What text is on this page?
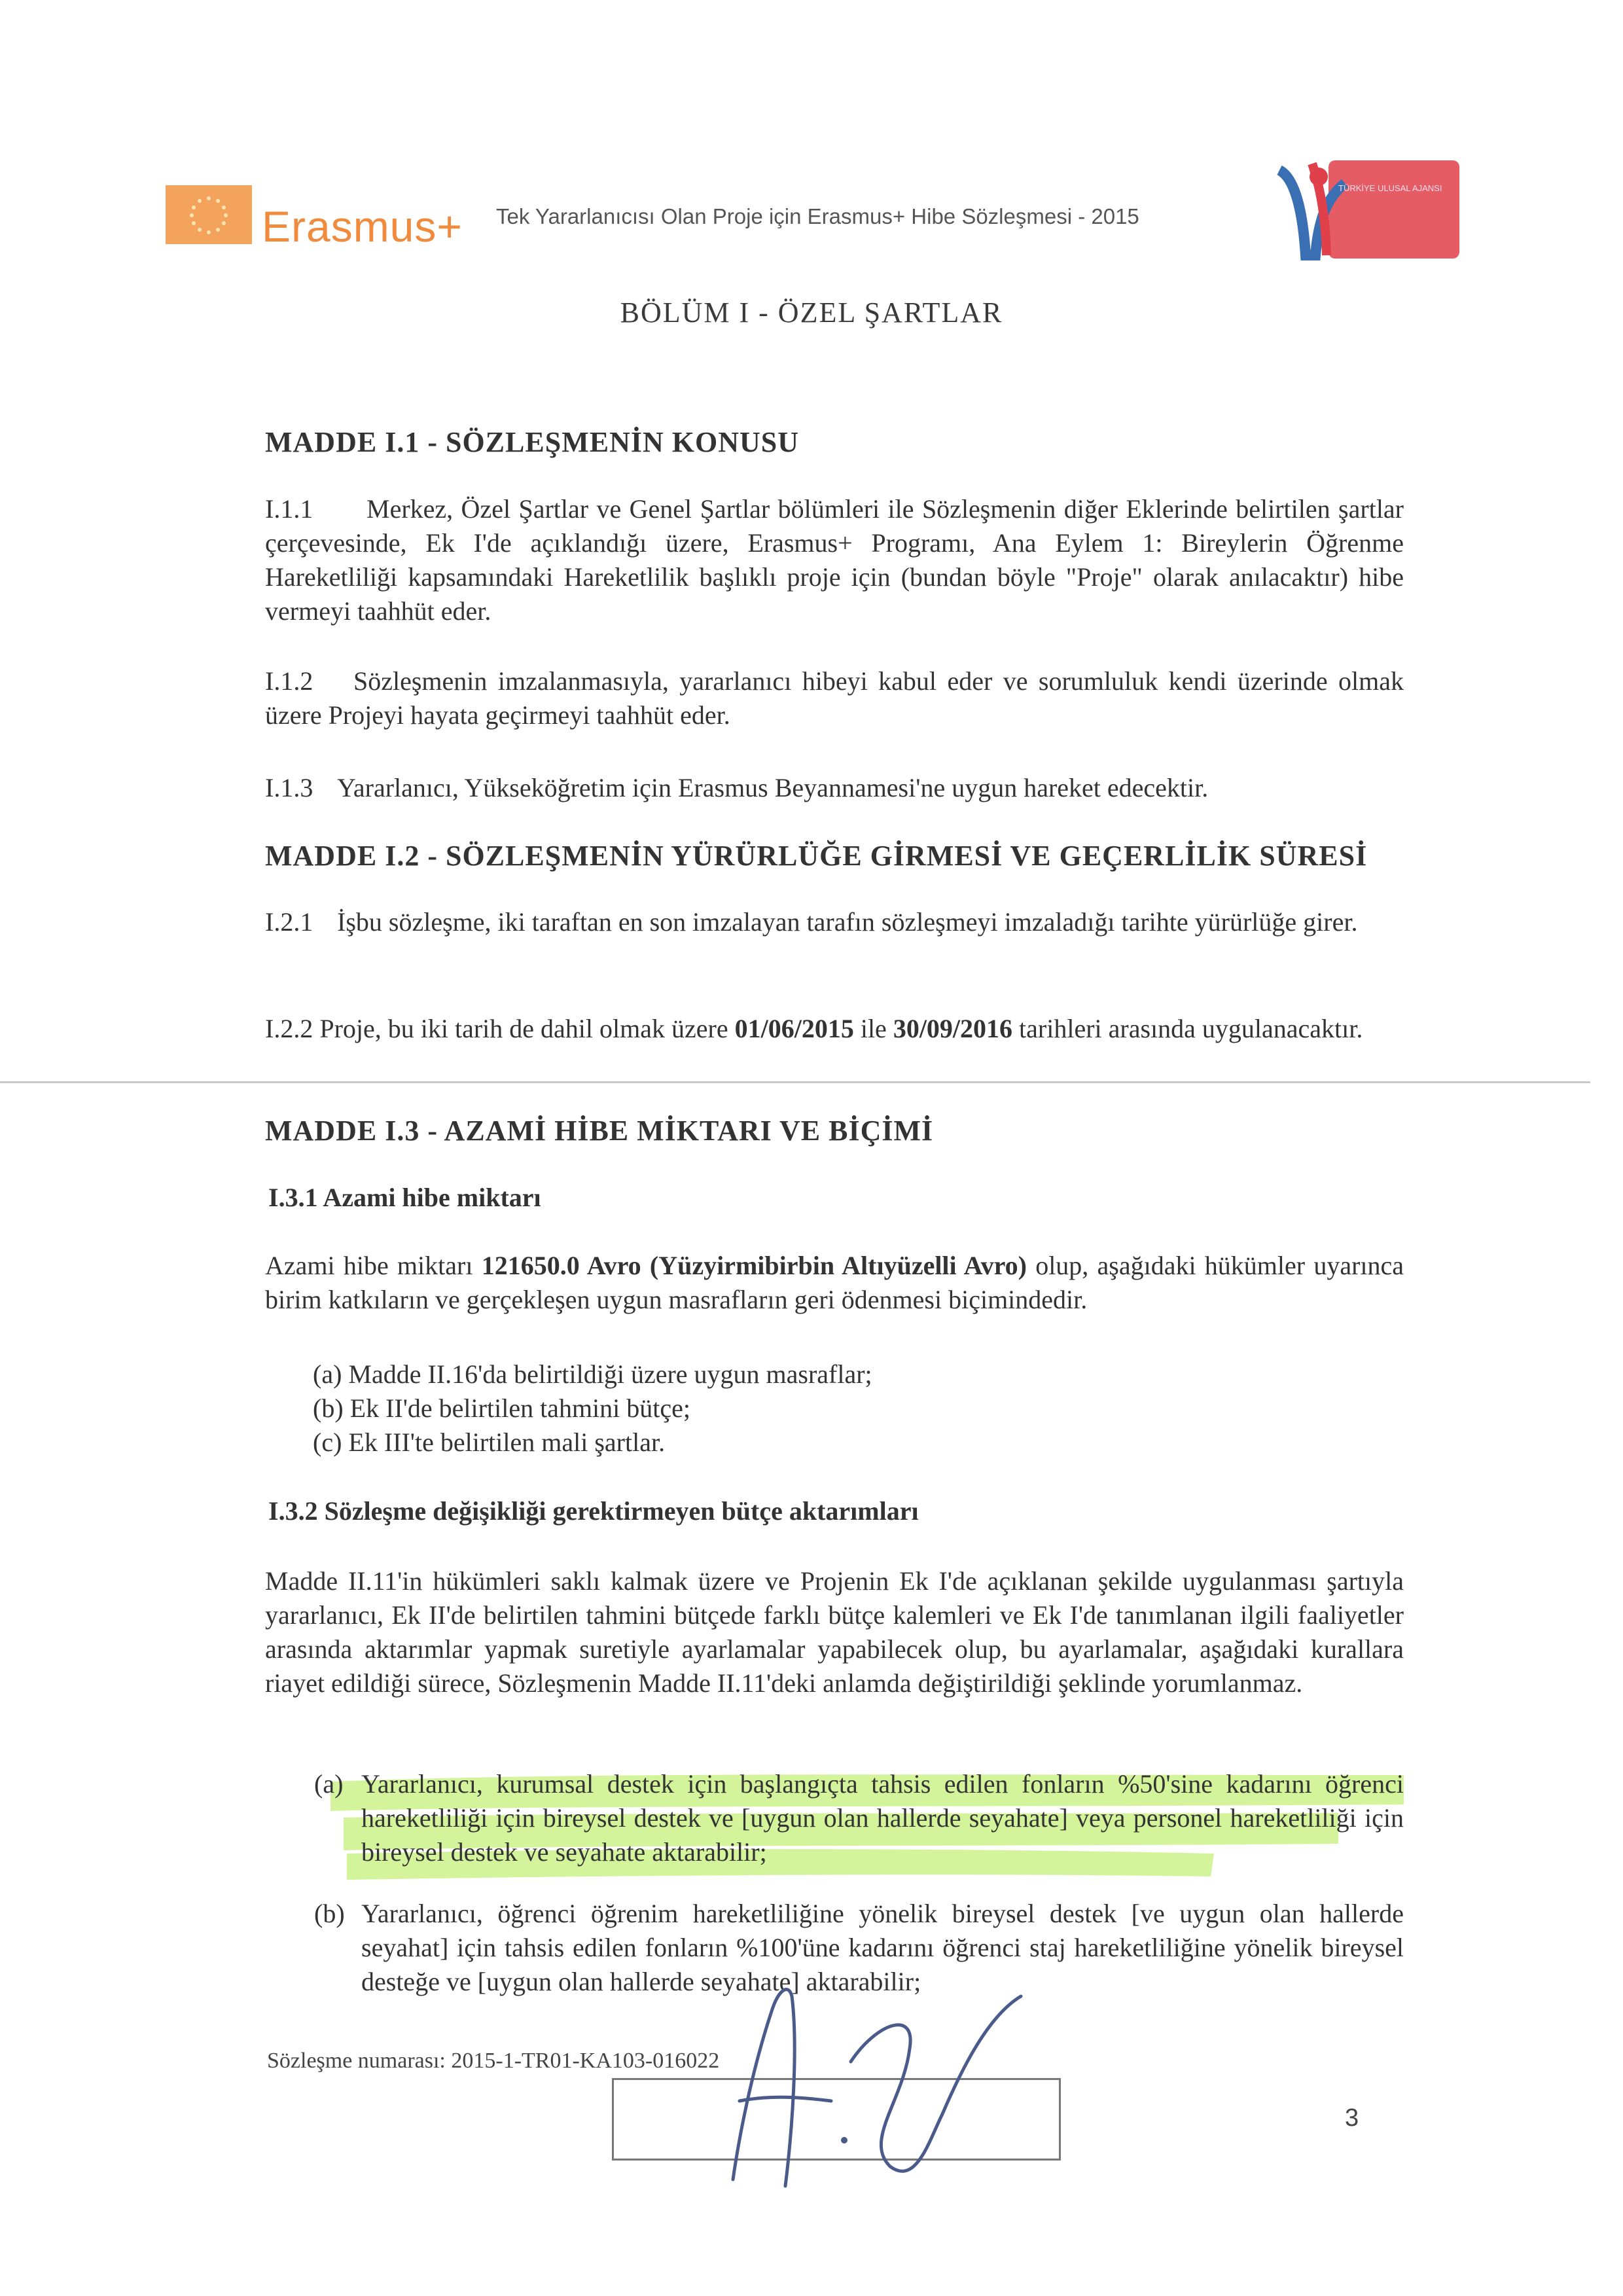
Erasmus+ Tek Yararlanıcısı Olan Proje için Erasmus+ Hibe Sözleşmesi - 2015
TÜRKİYE ULUSAL AJANSI
BÖLÜM I - ÖZEL ŞARTLAR
MADDE I.1 - SÖZLEŞMENİN KONUSU
I.1.1	Merkez, Özel Şartlar ve Genel Şartlar bölümleri ile Sözleşmenin diğer Eklerinde belirtilen şartlar çerçevesinde, Ek I'de açıklandığı üzere, Erasmus+ Programı, Ana Eylem 1: Bireylerin Öğrenme Hareketliliği kapsamındaki Hareketlilik başlıklı proje için (bundan böyle "Proje" olarak anılacaktır) hibe vermeyi taahhüt eder.
I.1.2	Sözleşmenin imzalanmasıyla, yararlanıcı hibeyi kabul eder ve sorumluluk kendi üzerinde olmak üzere Projeyi hayata geçirmeyi taahhüt eder.
I.1.3 Yararlanıcı, Yükseköğretim için Erasmus Beyannamesi'ne uygun hareket edecektir.
MADDE I.2 - SÖZLEŞMENİN YÜRÜRLÜĞE GİRMESİ VE GEÇERLİLİK SÜRESİ
I.2.1 İşbu sözleşme, iki taraftan en son imzalayan tarafın sözleşmeyi imzaladığı tarihte yürürlüğe girer.
I.2.2 Proje, bu iki tarih de dahil olmak üzere 01/06/2015 ile 30/09/2016 tarihleri arasında uygulanacaktır.
MADDE I.3 - AZAMİ HİBE MİKTARI VE BİÇİMİ
I.3.1 Azami hibe miktarı
Azami hibe miktarı 121650.0 Avro (Yüzyirmibirbin Altıyüzelli Avro) olup, aşağıdaki hükümler uyarınca birim katkıların ve gerçekleşen uygun masrafların geri ödenmesi biçimindedir.
(a) Madde II.16'da belirtildiği üzere uygun masraflar;
(b) Ek II'de belirtilen tahmini bütçe;
(c) Ek III'te belirtilen mali şartlar.
I.3.2 Sözleşme değişikliği gerektirmeyen bütçe aktarımları
Madde II.11'in hükümleri saklı kalmak üzere ve Projenin Ek I'de açıklanan şekilde uygulanması şartıyla yararlanıcı, Ek II'de belirtilen tahmini bütçede farklı bütçe kalemleri ve Ek I'de tanımlanan ilgili faaliyetler arasında aktarımlar yapmak suretiyle ayarlamalar yapabilecek olup, bu ayarlamalar, aşağıdaki kurallara riayet edildiği sürece, Sözleşmenin Madde II.11'deki anlamda değiştirildiği şeklinde yorumlanmaz.
(a) Yararlanıcı, kurumsal destek için başlangıçta tahsis edilen fonların %50'sine kadarını öğrenci hareketliliği için bireysel destek ve [uygun olan hallerde seyahate] veya personel hareketliliği için bireysel destek ve seyahate aktarabilir;
(b) Yararlanıcı, öğrenci öğrenim hareketliliğine yönelik bireysel destek [ve uygun olan hallerde seyahat] için tahsis edilen fonların %100'üne kadarını öğrenci staj hareketliliğine yönelik bireysel desteğe ve [uygun olan hallerde seyahate] aktarabilir;
Sözleşme numarası: 2015-1-TR01-KA103-016022
3
